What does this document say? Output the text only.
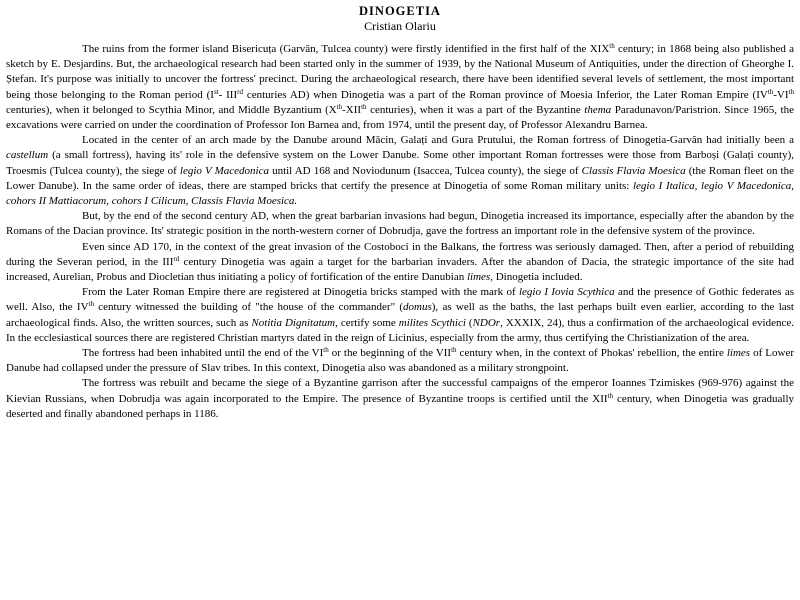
DINOGETIA
Cristian Olariu

The ruins from the former island Bisericuța (Garvăn, Tulcea county) were firstly identified in the first half of the XIXth century; in 1868 being also published a sketch by E. Desjardins. But, the archaeological research had been started only in the summer of 1939, by the National Museum of Antiquities, under the direction of Gheorghe I. Ștefan. It's purpose was initially to uncover the fortress' precinct. During the archaeological research, there have been identified several levels of settlement, the most important being those belonging to the Roman period (Ist- IIIrd centuries AD) when Dinogetia was a part of the Roman province of Moesia Inferior, the Later Roman Empire (IVth-VIth centuries), when it belonged to Scythia Minor, and Middle Byzantium (Xth-XIIth centuries), when it was a part of the Byzantine thema Paradunavon/Paristrion. Since 1965, the excavations were carried on under the coordination of Professor Ion Barnea and, from 1974, until the present day, of Professor Alexandru Barnea.

Located in the center of an arch made by the Danube around Măcin, Galați and Gura Prutului, the Roman fortress of Dinogetia-Garvăn had initially been a castellum (a small fortress), having its' role in the defensive system on the Lower Danube. Some other important Roman fortresses were those from Barboși (Galați county), Troesmis (Tulcea county), the siege of legio V Macedonica until AD 168 and Noviodunum (Isaccea, Tulcea county), the siege of Classis Flavia Moesica (the Roman fleet on the Lower Danube). In the same order of ideas, there are stamped bricks that certify the presence at Dinogetia of some Roman military units: legio I Italica, legio V Macedonica, cohors II Mattiacorum, cohors I Cilicum, Classis Flavia Moesica.

But, by the end of the second century AD, when the great barbarian invasions had begun, Dinogetia increased its importance, especially after the abandon by the Romans of the Dacian province. Its' strategic position in the north-western corner of Dobrudja, gave the fortress an important role in the defensive system of the province.

Even since AD 170, in the context of the great invasion of the Costoboci in the Balkans, the fortress was seriously damaged. Then, after a period of rebuilding during the Severan period, in the IIIrd century Dinogetia was again a target for the barbarian invaders. After the abandon of Dacia, the strategic importance of the site had increased, Aurelian, Probus and Diocletian thus initiating a policy of fortification of the entire Danubian limes, Dinogetia included.

From the Later Roman Empire there are registered at Dinogetia bricks stamped with the mark of legio I Iovia Scythica and the presence of Gothic federates as well. Also, the IVth century witnessed the building of "the house of the commander" (domus), as well as the baths, the last perhaps built even earlier, according to the last archaeological finds. Also, the written sources, such as Notitia Dignitatum, certify some milites Scythici (NDOr, XXXIX, 24), thus a confirmation of the archaeological evidence. In the ecclesiastical sources there are registered Christian martyrs dated in the reign of Licinius, especially from the army, thus certifying the Christianization of the area.

The fortress had been inhabited until the end of the VIth or the beginning of the VIIth century when, in the context of Phokas' rebellion, the entire limes of Lower Danube had collapsed under the pressure of Slav tribes. In this context, Dinogetia also was abandoned as a military strongpoint.

The fortress was rebuilt and became the siege of a Byzantine garrison after the successful campaigns of the emperor Ioannes Tzimiskes (969-976) against the Kievian Russians, when Dobrudja was again incorporated to the Empire. The presence of Byzantine troops is certified until the XIIth century, when Dinogetia was gradually deserted and finally abandoned perhaps in 1186.
